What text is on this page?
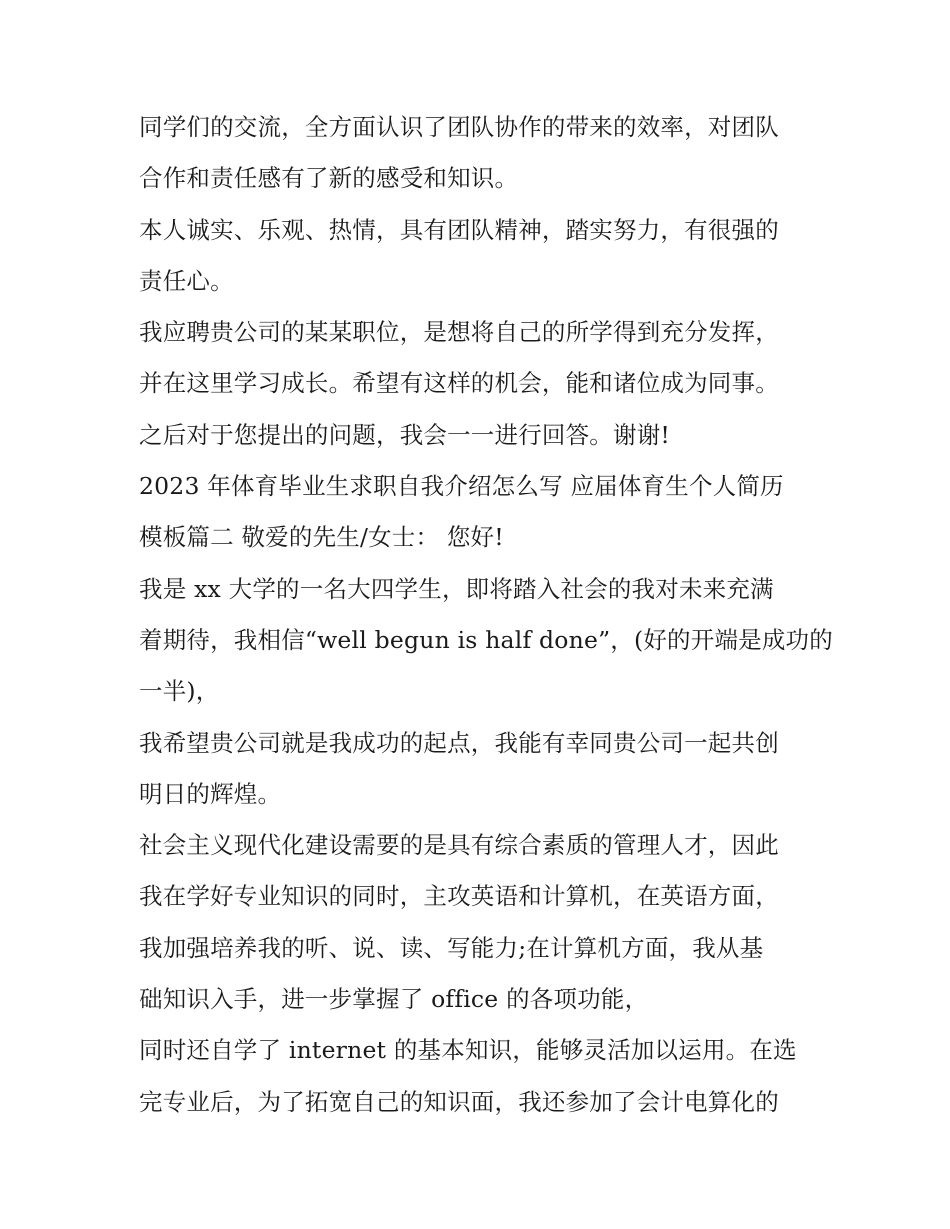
同学们的交流，全方面认识了团队协作的带来的效率，对团队
合作和责任感有了新的感受和知识。
本人诚实、乐观、热情，具有团队精神，踏实努力，有很强的
责任心。
我应聘贵公司的某某职位，是想将自己的所学得到充分发挥，
并在这里学习成长。希望有这样的机会，能和诸位成为同事。
之后对于您提出的问题，我会一一进行回答。谢谢!
2023 年体育毕业生求职自我介绍怎么写 应届体育生个人简历
模板篇二 敬爱的先生/女士： 您好!
我是 xx 大学的一名大四学生，即将踏入社会的我对未来充满
着期待，我相信“well begun is half done”，(好的开端是成功的
一半)，
我希望贵公司就是我成功的起点，我能有幸同贵公司一起共创
明日的辉煌。
社会主义现代化建设需要的是具有综合素质的管理人才，因此
我在学好专业知识的同时，主攻英语和计算机，在英语方面，
我加强培养我的听、说、读、写能力;在计算机方面，我从基
础知识入手，进一步掌握了 office 的各项功能，
同时还自学了 internet 的基本知识，能够灵活加以运用。在选
完专业后，为了拓宽自己的知识面，我还参加了会计电算化的
